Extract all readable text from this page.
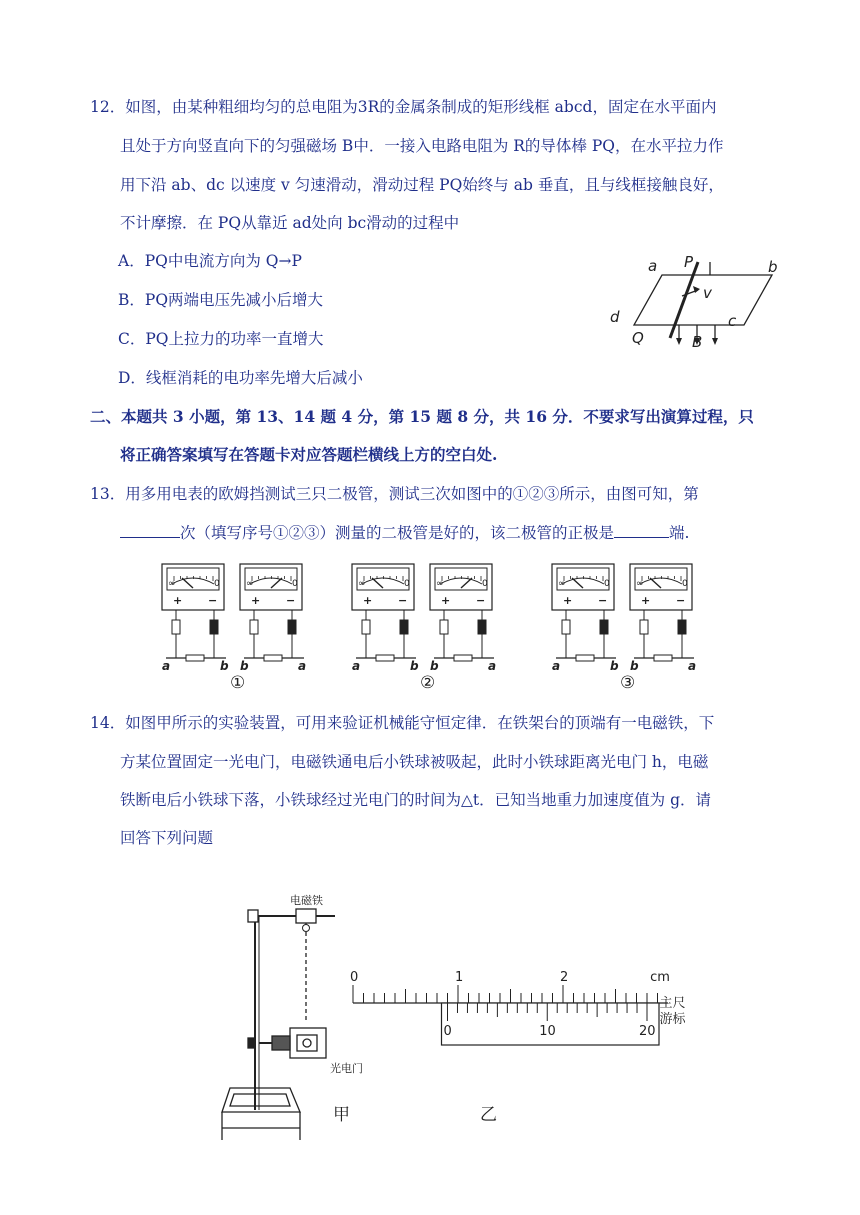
12．如图，由某种粗细均匀的总电阻为3R的金属条制成的矩形线框 abcd，固定在水平面内
且处于方向竖直向下的匀强磁场 B中．一接入电路电阻为 R的导体棒 PQ，在水平拉力作
用下沿 ab、dc 以速度 v 匀速滑动，滑动过程 PQ始终与 ab 垂直，且与线框接触良好，
不计摩擦．在 PQ从靠近 ad处向 bc滑动的过程中
A．PQ中电流方向为 Q→P
B．PQ两端电压先减小后增大
C．PQ上拉力的功率一直增大
D．线框消耗的电功率先增大后减小
a P	b
v
d	c
Q	B
二、本题共 3 小题，第 13、14 题 4 分，第 15 题 8 分，共 16 分．不要求写出演算过程，只
将正确答案填写在答题卡对应答题栏横线上方的空白处.
13．用多用电表的欧姆挡测试三只二极管，测试三次如图中的①②③所示，由图可知，第
次（填写序号①②③）测量的二极管是好的，该二极管的正极是	端.
∞	0
+ −
a	b
∞	0
+ −
b	a
①
∞	0
+ −
a	b
∞	0
+ −
b	a
②
∞	0
+ −
a	b
∞	0
+ −
b	a
③
14．如图甲所示的实验装置，可用来验证机械能守恒定律．在铁架台的顶端有一电磁铁，下
方某位置固定一光电门，电磁铁通电后小铁球被吸起，此时小铁球距离光电门 h，电磁
铁断电后小铁球下落，小铁球经过光电门的时间为△t．已知当地重力加速度值为 g．请
回答下列问题
电磁铁
光电门
甲
0	1	2	cm
主尺
0	10	20
游标
乙
